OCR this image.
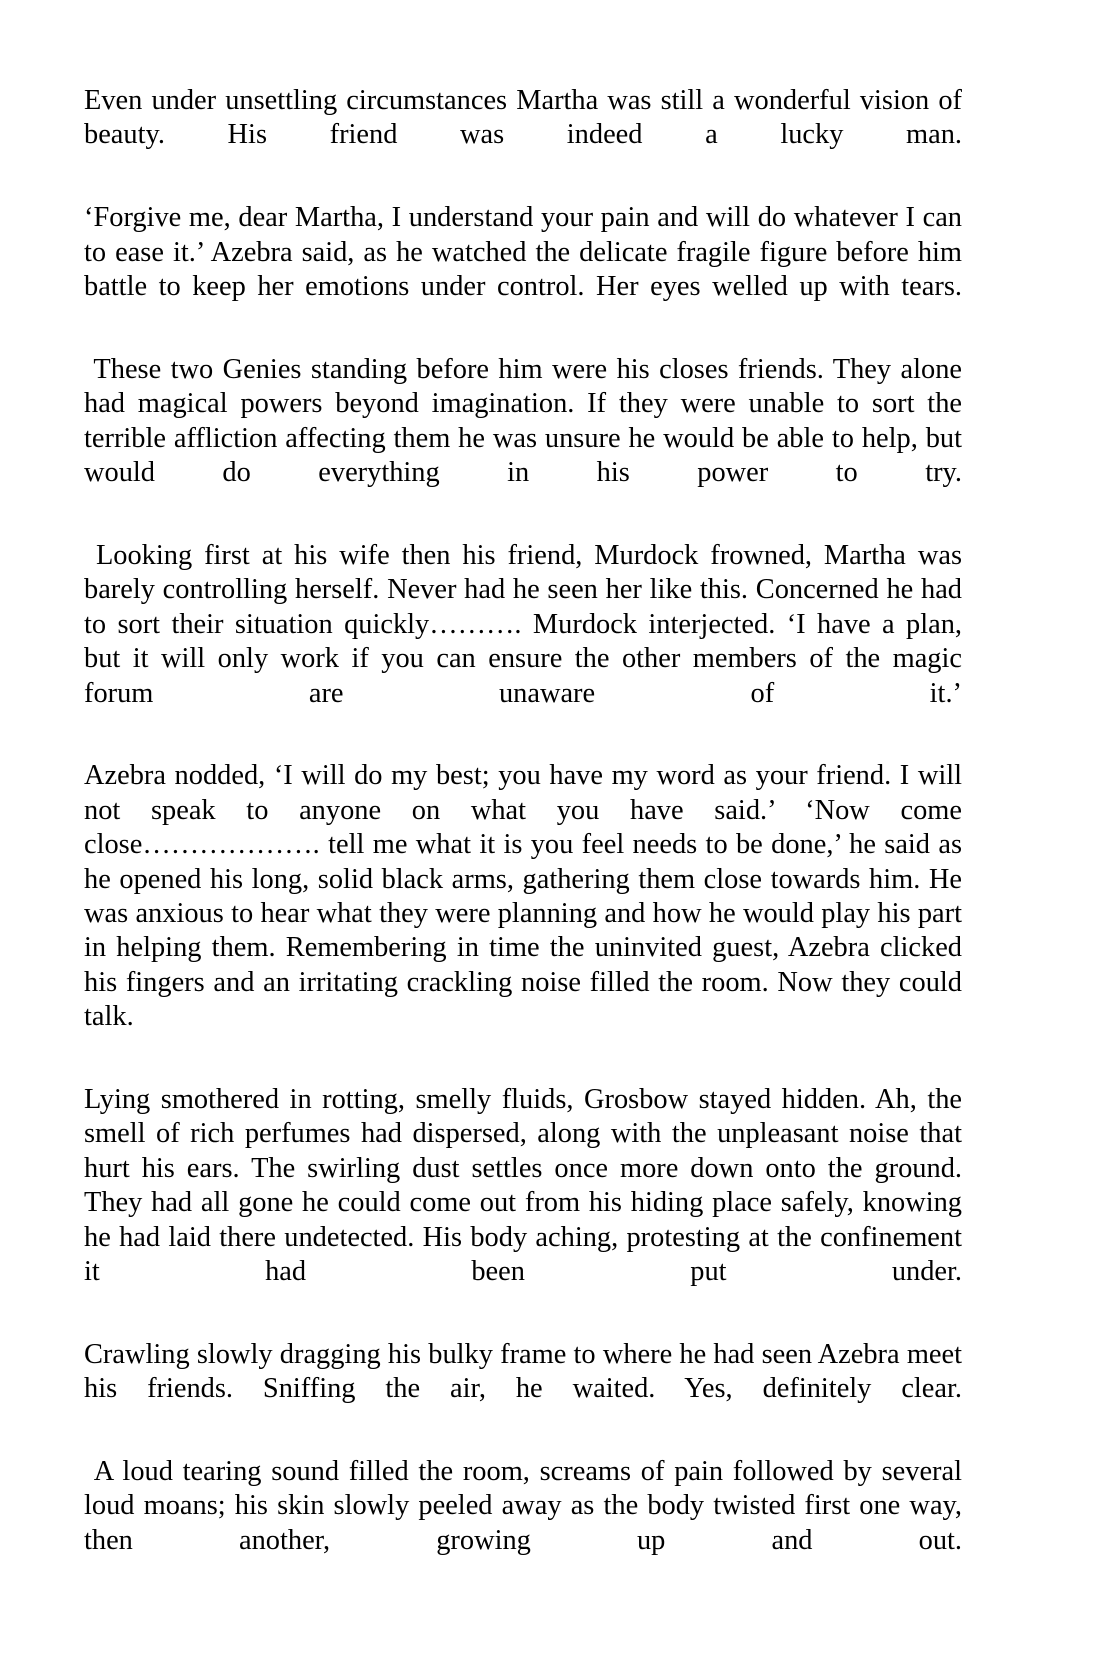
Even under unsettling circumstances Martha was still a wonderful vision of beauty. His friend was indeed a lucky man.

‘Forgive me, dear Martha, I understand your pain and will do whatever I can to ease it.’ Azebra said, as he watched the delicate fragile figure before him battle to keep her emotions under control. Her eyes welled up with tears.

These two Genies standing before him were his closes friends. They alone had magical powers beyond imagination. If they were unable to sort the terrible affliction affecting them he was unsure he would be able to help, but would do everything in his power to try.

Looking first at his wife then his friend, Murdock frowned, Martha was barely controlling herself. Never had he seen her like this. Concerned he had to sort their situation quickly………. Murdock interjected. ‘I have a plan, but it will only work if you can ensure the other members of the magic forum are unaware of it.’

Azebra nodded, ‘I will do my best; you have my word as your friend. I will not speak to anyone on what you have said.’ ‘Now come close………………. tell me what it is you feel needs to be done,’ he said as he opened his long, solid black arms, gathering them close towards him. He was anxious to hear what they were planning and how he would play his part in helping them. Remembering in time the uninvited guest, Azebra clicked his fingers and an irritating crackling noise filled the room. Now they could talk.

Lying smothered in rotting, smelly fluids, Grosbow stayed hidden. Ah, the smell of rich perfumes had dispersed, along with the unpleasant noise that hurt his ears. The swirling dust settles once more down onto the ground. They had all gone he could come out from his hiding place safely, knowing he had laid there undetected. His body aching, protesting at the confinement it had been put under.

Crawling slowly dragging his bulky frame to where he had seen Azebra meet his friends. Sniffing the air, he waited. Yes, definitely clear.

A loud tearing sound filled the room, screams of pain followed by several loud moans; his skin slowly peeled away as the body twisted first one way, then another, growing up and out.
